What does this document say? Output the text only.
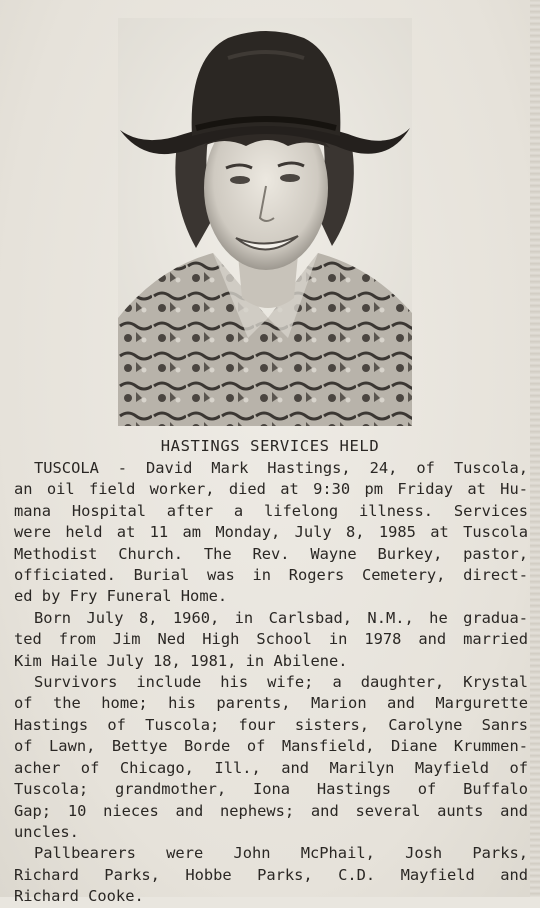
HASTINGS SERVICES HELD
TUSCOLA - David Mark Hastings, 24, of Tuscola,
an oil field worker, died at 9:30 pm Friday at Hu-
mana Hospital after a lifelong illness. Services
were held at 11 am Monday, July 8, 1985 at Tuscola
Methodist Church. The Rev. Wayne Burkey, pastor,
officiated. Burial was in Rogers Cemetery, direct-
ed by Fry Funeral Home.
Born July 8, 1960, in Carlsbad, N.M., he gradua-
ted from Jim Ned High School in 1978 and married
Kim Haile July 18, 1981, in Abilene.
Survivors include his wife; a daughter, Krystal
of the home; his parents, Marion and Margurette
Hastings of Tuscola; four sisters, Carolyne Sanrs
of Lawn, Bettye Borde of Mansfield, Diane Krummen-
acher of Chicago, Ill., and Marilyn Mayfield of
Tuscola; grandmother, Iona Hastings of Buffalo
Gap; 10 nieces and nephews; and several aunts and
uncles.
Pallbearers were John McPhail, Josh Parks,
Richard Parks, Hobbe Parks, C.D. Mayfield and
Richard Cooke.
